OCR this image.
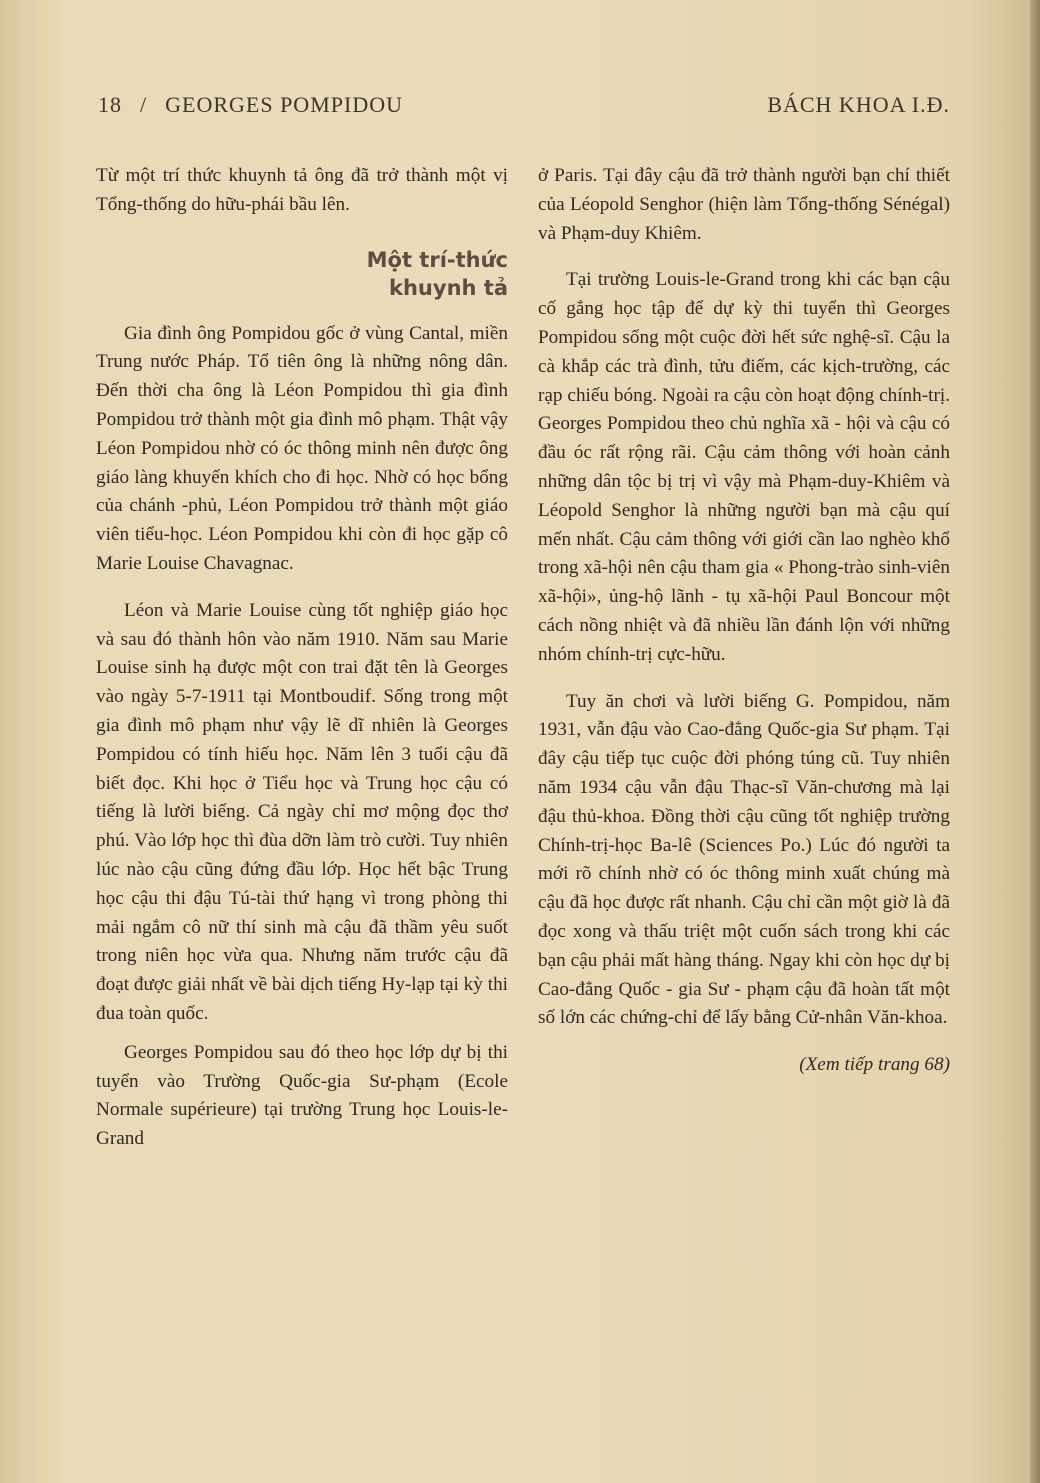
18 / GEORGES POMPIDOU	BÁCH KHOA I.Đ.

Từ một trí thức khuynh tả ông đã trở thành một vị Tổng-thống do hữu-phái bầu lên.

Một trí-thức
khuynh tả

Gia đình ông Pompidou gốc ở vùng Cantal, miền Trung nước Pháp. Tổ tiên ông là những nông dân. Đến thời cha ông là Léon Pompidou thì gia đình Pompidou trở thành một gia đình mô phạm. Thật vậy Léon Pompidou nhờ có óc thông minh nên được ông giáo làng khuyến khích cho đi học. Nhờ có học bổng của chánh -phủ, Léon Pompidou trở thành một giáo viên tiểu-học. Léon Pompidou khi còn đi học gặp cô Marie Louise Chavagnac.

Léon và Marie Louise cùng tốt nghiệp giáo học và sau đó thành hôn vào năm 1910. Năm sau Marie Louise sinh hạ được một con trai đặt tên là Georges vào ngày 5-7-1911 tại Montboudif. Sống trong một gia đình mô phạm như vậy lẽ dĩ nhiên là Georges Pompidou có tính hiếu học. Năm lên 3 tuổi cậu đã biết đọc. Khi học ở Tiểu học và Trung học cậu có tiếng là lười biếng. Cả ngày chỉ mơ mộng đọc thơ phú. Vào lớp học thì đùa dỡn làm trò cười. Tuy nhiên lúc nào cậu cũng đứng đầu lớp. Học hết bậc Trung học cậu thi đậu Tú-tài thứ hạng vì trong phòng thi mải ngắm cô nữ thí sinh mà cậu đã thầm yêu suốt trong niên học vừa qua. Nhưng năm trước cậu đã đoạt được giải nhất về bài dịch tiếng Hy-lạp tại kỳ thi đua toàn quốc.

Georges Pompidou sau đó theo học lớp dự bị thi tuyển vào Trường Quốc-gia Sư-phạm (Ecole Normale supérieure) tại trường Trung học Louis-le-Grand

ở Paris. Tại đây cậu đã trở thành người bạn chí thiết của Léopold Senghor (hiện làm Tổng-thống Sénégal) và Phạm-duy Khiêm.

Tại trường Louis-le-Grand trong khi các bạn cậu cố gắng học tập để dự kỳ thi tuyển thì Georges Pompidou sống một cuộc đời hết sức nghệ-sĩ. Cậu la cà khắp các trà đình, tửu điếm, các kịch-trường, các rạp chiếu bóng. Ngoài ra cậu còn hoạt động chính-trị. Georges Pompidou theo chủ nghĩa xã - hội và cậu có đầu óc rất rộng rãi. Cậu cảm thông với hoàn cảnh những dân tộc bị trị vì vậy mà Phạm-duy-Khiêm và Léopold Senghor là những người bạn mà cậu quí mến nhất. Cậu cảm thông với giới cần lao nghèo khổ trong xã-hội nên cậu tham gia « Phong-trào sinh-viên xã-hội», ủng-hộ lãnh - tụ xã-hội Paul Boncour một cách nồng nhiệt và đã nhiều lần đánh lộn với những nhóm chính-trị cực-hữu.

Tuy ăn chơi và lười biếng G. Pompidou, năm 1931, vẫn đậu vào Cao-đẳng Quốc-gia Sư phạm. Tại đây cậu tiếp tục cuộc đời phóng túng cũ. Tuy nhiên năm 1934 cậu vẫn đậu Thạc-sĩ Văn-chương mà lại đậu thủ-khoa. Đồng thời cậu cũng tốt nghiệp trường Chính-trị-học Ba-lê (Sciences Po.) Lúc đó người ta mới rõ chính nhờ có óc thông minh xuất chúng mà cậu đã học được rất nhanh. Cậu chỉ cần một giờ là đã đọc xong và thấu triệt một cuốn sách trong khi các bạn cậu phải mất hàng tháng. Ngay khi còn học dự bị Cao-đẳng Quốc - gia Sư - phạm cậu đã hoàn tất một số lớn các chứng-chỉ để lấy bằng Cử-nhân Văn-khoa.

(Xem tiếp trang 68)
